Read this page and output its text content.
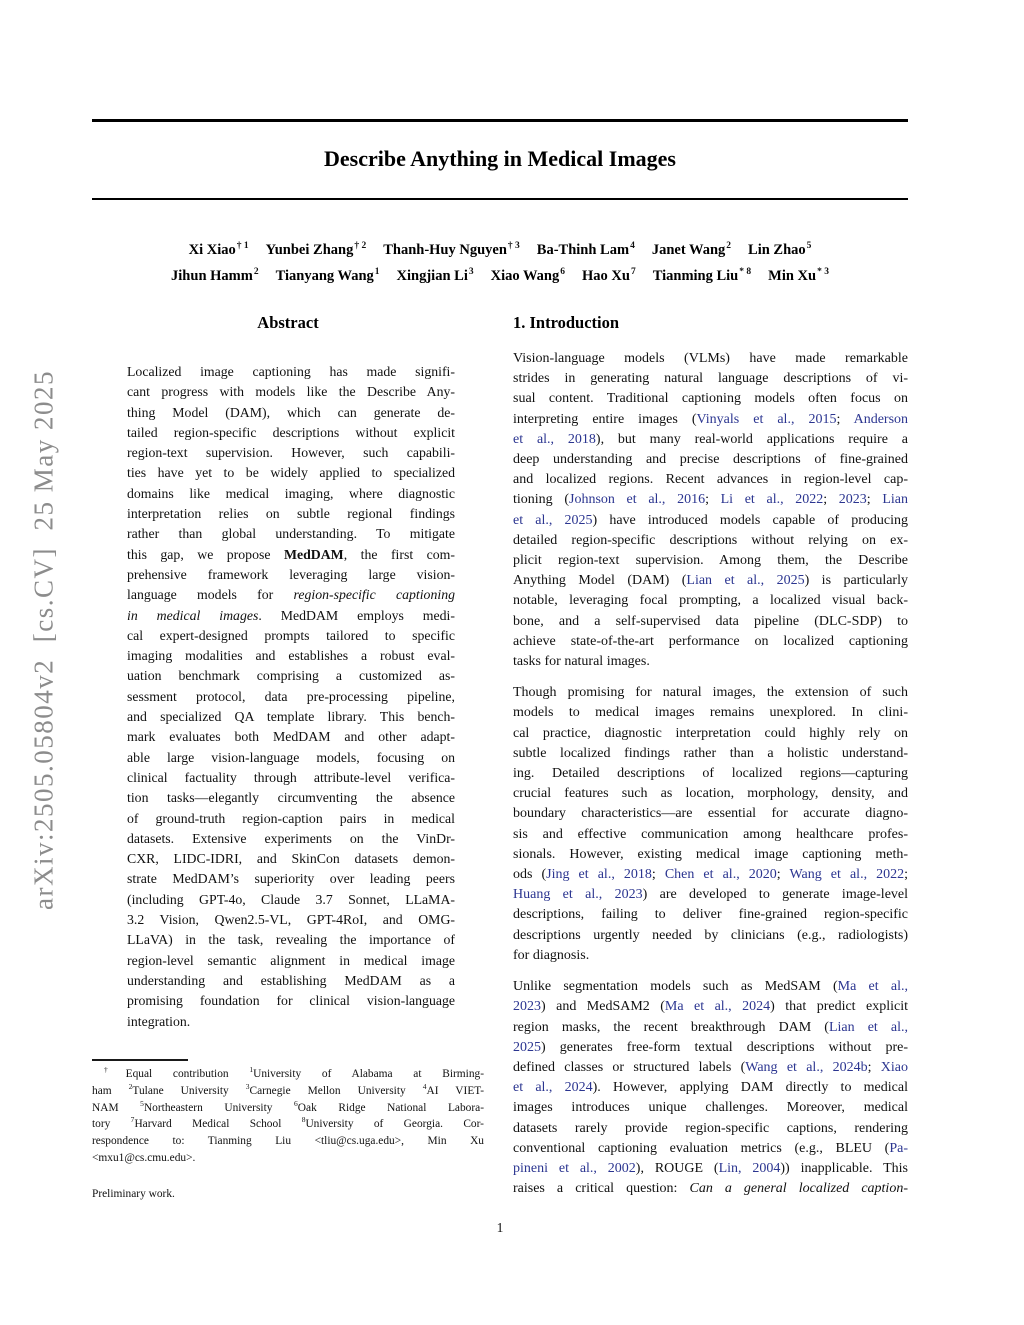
arXiv:2505.05804v2  [cs.CV]  25 May 2025
Describe Anything in Medical Images
Xi Xiao$^{\dagger 1}$ Yunbei Zhang$^{\dagger 2}$ Thanh-Huy Nguyen$^{\dagger 3}$ Ba-Thinh Lam$^4$ Janet Wang$^2$ Lin Zhao$^5$
Jihun Hamm$^2$ Tianyang Wang$^1$ Xingjian Li$^3$ Xiao Wang$^6$ Hao Xu$^7$ Tianming Liu$^{* 8}$ Min Xu$^{* 3}$
Abstract
Localized image captioning has made signifi-
cant progress with models like the Describe Any-
thing Model (DAM), which can generate de-
tailed region-specific descriptions without explicit
region-text supervision. However, such capabili-
ties have yet to be widely applied to specialized
domains like medical imaging, where diagnostic
interpretation relies on subtle regional findings
rather than global understanding. To mitigate
this gap, we propose MedDAM, the first com-
prehensive framework leveraging large vision-
language models for region-specific captioning
in medical images. MedDAM employs medi-
cal expert-designed prompts tailored to specific
imaging modalities and establishes a robust eval-
uation benchmark comprising a customized as-
sessment protocol, data pre-processing pipeline,
and specialized QA template library. This bench-
mark evaluates both MedDAM and other adapt-
able large vision-language models, focusing on
clinical factuality through attribute-level verifica-
tion tasks—elegantly circumventing the absence
of ground-truth region-caption pairs in medical
datasets. Extensive experiments on the VinDr-
CXR, LIDC-IDRI, and SkinCon datasets demon-
strate MedDAM’s superiority over leading peers
(including GPT-4o, Claude 3.7 Sonnet, LLaMA-
3.2 Vision, Qwen2.5-VL, GPT-4RoI, and OMG-
LLaVA) in the task, revealing the importance of
region-level semantic alignment in medical image
understanding and establishing MedDAM as a
promising foundation for clinical vision-language
integration.
1. Introduction
Vision-language models (VLMs) have made remarkable
strides in generating natural language descriptions of vi-
sual content. Traditional captioning models often focus on
interpreting entire images (Vinyals et al., 2015; Anderson
et al., 2018), but many real-world applications require a
deep understanding and precise descriptions of fine-grained
and localized regions. Recent advances in region-level cap-
tioning (Johnson et al., 2016; Li et al., 2022; 2023; Lian
et al., 2025) have introduced models capable of producing
detailed region-specific descriptions without relying on ex-
plicit region-text supervision. Among them, the Describe
Anything Model (DAM) (Lian et al., 2025) is particularly
notable, leveraging focal prompting, a localized visual back-
bone, and a self-supervised data pipeline (DLC-SDP) to
achieve state-of-the-art performance on localized captioning
tasks for natural images.
Though promising for natural images, the extension of such
models to medical images remains unexplored. In clini-
cal practice, diagnostic interpretation could highly rely on
subtle localized findings rather than a holistic understand-
ing. Detailed descriptions of localized regions—capturing
crucial features such as location, morphology, density, and
boundary characteristics—are essential for accurate diagno-
sis and effective communication among healthcare profes-
sionals. However, existing medical image captioning meth-
ods (Jing et al., 2018; Chen et al., 2020; Wang et al., 2022;
Huang et al., 2023) are developed to generate image-level
descriptions, failing to deliver fine-grained region-specific
descriptions urgently needed by clinicians (e.g., radiologists)
for diagnosis.
Unlike segmentation models such as MedSAM (Ma et al.,
2023) and MedSAM2 (Ma et al., 2024) that predict explicit
region masks, the recent breakthrough DAM (Lian et al.,
2025) generates free-form textual descriptions without pre-
defined classes or structured labels (Wang et al., 2024b; Xiao
et al., 2024). However, applying DAM directly to medical
images introduces unique challenges. Moreover, medical
datasets rarely provide region-specific captions, rendering
conventional captioning evaluation metrics (e.g., BLEU (Pa-
pineni et al., 2002), ROUGE (Lin, 2004)) inapplicable. This
raises a critical question: Can a general localized caption-
†Equal contribution $^1$University of Alabama at Birming-
ham $^2$Tulane University $^3$Carnegie Mellon University $^4$AI VIET-
NAM $^5$Northeastern University $^6$Oak Ridge National Labora-
tory $^7$Harvard Medical School $^8$University of Georgia. Cor-
respondence to: Tianming Liu <tliu@cs.uga.edu>, Min Xu
<mxu1@cs.cmu.edu>.
Preliminary work.
1
